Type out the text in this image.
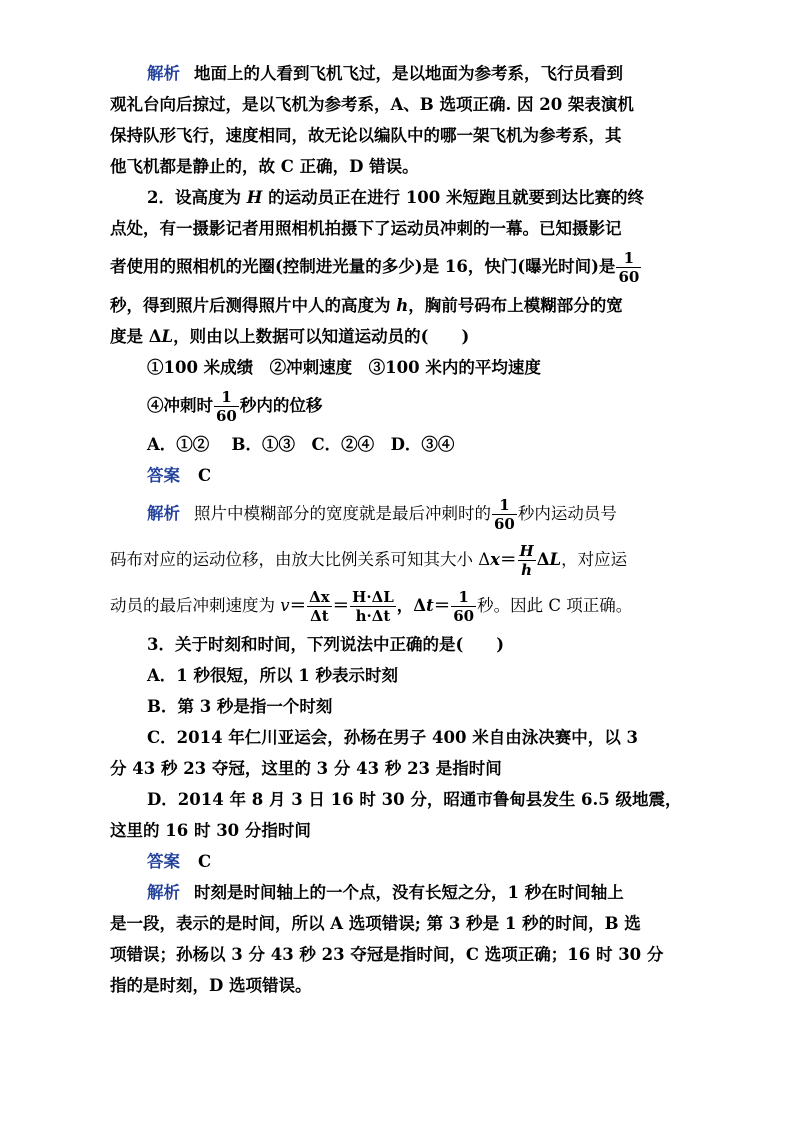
解析 地面上的人看到飞机飞过，是以地面为参考系，飞行员看到
观礼台向后掠过，是以飞机为参考系，A、B 选项正确. 因 20 架表演机
保持队形飞行，速度相同，故无论以编队中的哪一架飞机为参考系，其
他飞机都是静止的，故 C 正确，D 错误。
2．设高度为 H 的运动员正在进行 100 米短跑且就要到达比赛的终
点处，有一摄影记者用照相机拍摄下了运动员冲刺的一幕。已知摄影记
者使用的照相机的光圈(控制进光量的多少)是 16，快门(曝光时间)是 $\frac{1}{60}$
秒，得到照片后测得照片中人的高度为 h，胸前号码布上模糊部分的宽
度是 ΔL，则由以上数据可以知道运动员的(　　)
①100 米成绩　②冲刺速度　③100 米内的平均速度
④冲刺时 $\frac{1}{60}$ 秒内的位移
A．①②　 B．①③　C．②④　D．③④
答案 C
解析 照片中模糊部分的宽度就是最后冲刺时的 $\frac{1}{60}$ 秒内运动员号
码布对应的运动位移，由放大比例关系可知其大小 $\Delta x= \frac{H}{h}$ ΔL，对应运
动员的最后冲刺速度为 $v= \frac{\Delta x}{\Delta t} = \frac{H\cdot\Delta L}{h\cdot\Delta t}$ ，$\Delta t= \frac{1}{60}$ 秒。因此 C 项正确。
3．关于时刻和时间，下列说法中正确的是(　　)
A．1 秒很短，所以 1 秒表示时刻
B．第 3 秒是指一个时刻
C．2014 年仁川亚运会，孙杨在男子 400 米自由泳决赛中，以 3
分 43 秒 23 夺冠，这里的 3 分 43 秒 23 是指时间
D．2014 年 8 月 3 日 16 时 30 分，昭通市鲁甸县发生 6.5 级地震，
这里的 16 时 30 分指时间
答案 C
解析 时刻是时间轴上的一个点，没有长短之分，1 秒在时间轴上
是一段，表示的是时间，所以 A 选项错误; 第 3 秒是 1 秒的时间，B 选
项错误；孙杨以 3 分 43 秒 23 夺冠是指时间，C 选项正确；16 时 30 分
指的是时刻，D 选项错误。
